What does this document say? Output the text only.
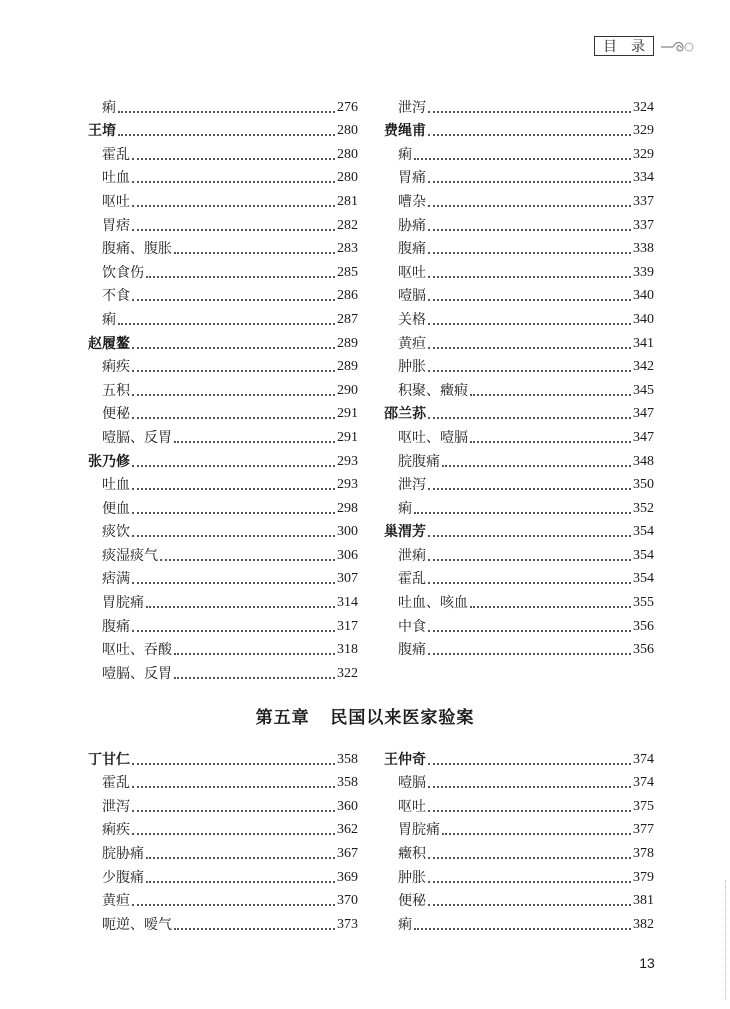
目 录
痢	276
王堉	280
霍乱	280
吐血	280
呕吐	281
胃痞	282
腹痛、腹胀	283
饮食伤	285
不食	286
痢	287
赵履鳌	289
痢疾	289
五积	290
便秘	291
噎膈、反胃	291
张乃修	293
吐血	293
便血	298
痰饮	300
痰湿痰气	306
痞满	307
胃脘痛	314
腹痛	317
呕吐、吞酸	318
噎膈、反胃	322
泄泻	324
费绳甫	329
痢	329
胃痛	334
嘈杂	337
胁痛	337
腹痛	338
呕吐	339
噎膈	340
关格	340
黄疸	341
肿胀	342
积聚、癥瘕	345
邵兰荪	347
呕吐、噎膈	347
脘腹痛	348
泄泻	350
痢	352
巢渭芳	354
泄痢	354
霍乱	354
吐血、咳血	355
中食	356
腹痛	356
第五章 民国以来医家验案
丁甘仁	358
霍乱	358
泄泻	360
痢疾	362
脘胁痛	367
少腹痛	369
黄疸	370
呃逆、嗳气	373
王仲奇	374
噎膈	374
呕吐	375
胃脘痛	377
癥积	378
肿胀	379
便秘	381
痢	382
13
